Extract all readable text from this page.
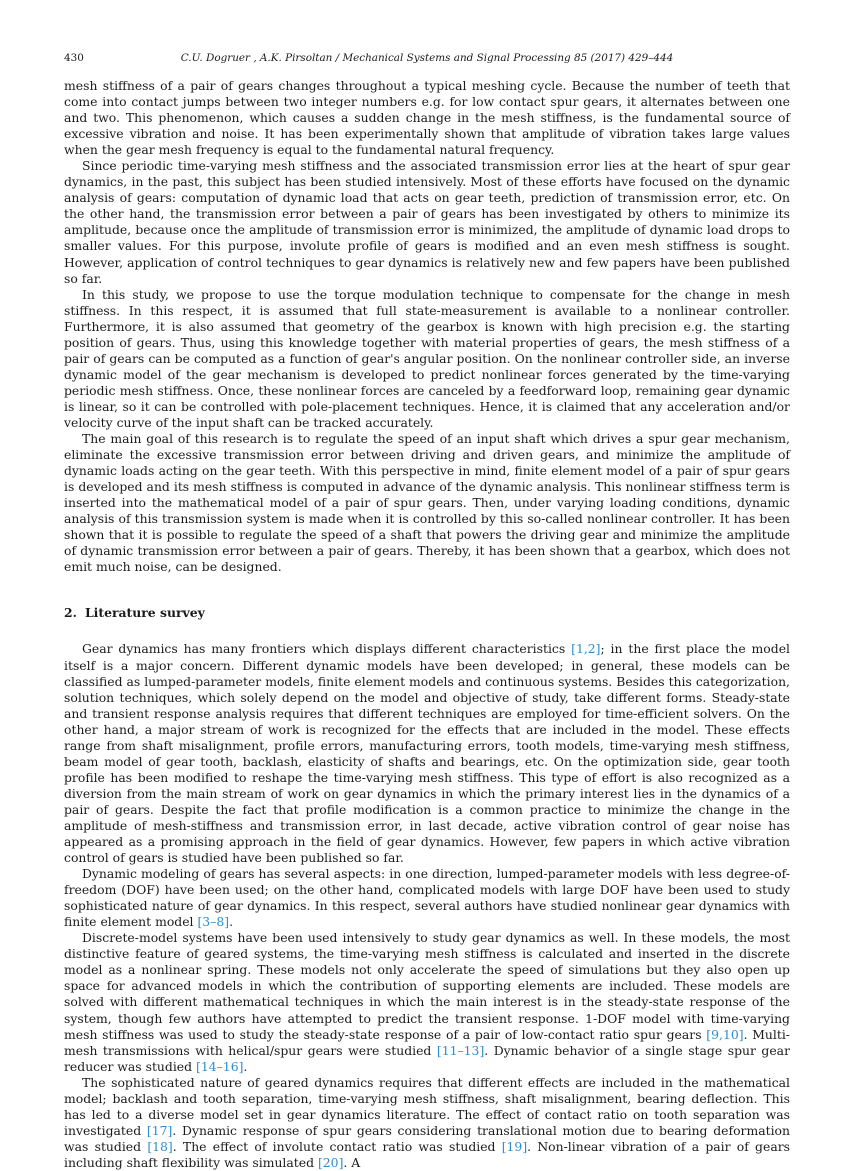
430	C.U. Dogruer , A.K. Pirsoltan / Mechanical Systems and Signal Processing 85 (2017) 429–444

mesh stiffness of a pair of gears changes throughout a typical meshing cycle. Because the number of teeth that come into contact jumps between two integer numbers e.g. for low contact spur gears, it alternates between one and two. This phenomenon, which causes a sudden change in the mesh stiffness, is the fundamental source of excessive vibration and noise. It has been experimentally shown that amplitude of vibration takes large values when the gear mesh frequency is equal to the fundamental natural frequency.

Since periodic time-varying mesh stiffness and the associated transmission error lies at the heart of spur gear dynamics, in the past, this subject has been studied intensively. Most of these efforts have focused on the dynamic analysis of gears: computation of dynamic load that acts on gear teeth, prediction of transmission error, etc. On the other hand, the transmission error between a pair of gears has been investigated by others to minimize its amplitude, because once the amplitude of transmission error is minimized, the amplitude of dynamic load drops to smaller values. For this purpose, involute profile of gears is modified and an even mesh stiffness is sought. However, application of control techniques to gear dynamics is relatively new and few papers have been published so far.

In this study, we propose to use the torque modulation technique to compensate for the change in mesh stiffness. In this respect, it is assumed that full state-measurement is available to a nonlinear controller. Furthermore, it is also assumed that geometry of the gearbox is known with high precision e.g. the starting position of gears. Thus, using this knowledge together with material properties of gears, the mesh stiffness of a pair of gears can be computed as a function of gear's angular position. On the nonlinear controller side, an inverse dynamic model of the gear mechanism is developed to predict nonlinear forces generated by the time-varying periodic mesh stiffness. Once, these nonlinear forces are canceled by a feedforward loop, remaining gear dynamic is linear, so it can be controlled with pole-placement techniques. Hence, it is claimed that any acceleration and/or velocity curve of the input shaft can be tracked accurately.

The main goal of this research is to regulate the speed of an input shaft which drives a spur gear mechanism, eliminate the excessive transmission error between driving and driven gears, and minimize the amplitude of dynamic loads acting on the gear teeth. With this perspective in mind, finite element model of a pair of spur gears is developed and its mesh stiffness is computed in advance of the dynamic analysis. This nonlinear stiffness term is inserted into the mathematical model of a pair of spur gears. Then, under varying loading conditions, dynamic analysis of this transmission system is made when it is controlled by this so-called nonlinear controller. It has been shown that it is possible to regulate the speed of a shaft that powers the driving gear and minimize the amplitude of dynamic transmission error between a pair of gears. Thereby, it has been shown that a gearbox, which does not emit much noise, can be designed.

2. Literature survey

Gear dynamics has many frontiers which displays different characteristics [1,2]; in the first place the model itself is a major concern. Different dynamic models have been developed; in general, these models can be classified as lumped-parameter models, finite element models and continuous systems. Besides this categorization, solution techniques, which solely depend on the model and objective of study, take different forms. Steady-state and transient response analysis requires that different techniques are employed for time-efficient solvers. On the other hand, a major stream of work is recognized for the effects that are included in the model. These effects range from shaft misalignment, profile errors, manufacturing errors, tooth models, time-varying mesh stiffness, beam model of gear tooth, backlash, elasticity of shafts and bearings, etc. On the optimization side, gear tooth profile has been modified to reshape the time-varying mesh stiffness. This type of effort is also recognized as a diversion from the main stream of work on gear dynamics in which the primary interest lies in the dynamics of a pair of gears. Despite the fact that profile modification is a common practice to minimize the change in the amplitude of mesh-stiffness and transmission error, in last decade, active vibration control of gear noise has appeared as a promising approach in the field of gear dynamics. However, few papers in which active vibration control of gears is studied have been published so far.

Dynamic modeling of gears has several aspects: in one direction, lumped-parameter models with less degree-of-freedom (DOF) have been used; on the other hand, complicated models with large DOF have been used to study sophisticated nature of gear dynamics. In this respect, several authors have studied nonlinear gear dynamics with finite element model [3–8].

Discrete-model systems have been used intensively to study gear dynamics as well. In these models, the most distinctive feature of geared systems, the time-varying mesh stiffness is calculated and inserted in the discrete model as a nonlinear spring. These models not only accelerate the speed of simulations but they also open up space for advanced models in which the contribution of supporting elements are included. These models are solved with different mathematical techniques in which the main interest is in the steady-state response of the system, though few authors have attempted to predict the transient response. 1-DOF model with time-varying mesh stiffness was used to study the steady-state response of a pair of low-contact ratio spur gears [9,10]. Multi-mesh transmissions with helical/spur gears were studied [11–13]. Dynamic behavior of a single stage spur gear reducer was studied [14–16].

The sophisticated nature of geared dynamics requires that different effects are included in the mathematical model; backlash and tooth separation, time-varying mesh stiffness, shaft misalignment, bearing deflection. This has led to a diverse model set in gear dynamics literature. The effect of contact ratio on tooth separation was investigated [17]. Dynamic response of spur gears considering translational motion due to bearing deformation was studied [18]. The effect of involute contact ratio was studied [19]. Non-linear vibration of a pair of gears including shaft flexibility was simulated [20]. A
